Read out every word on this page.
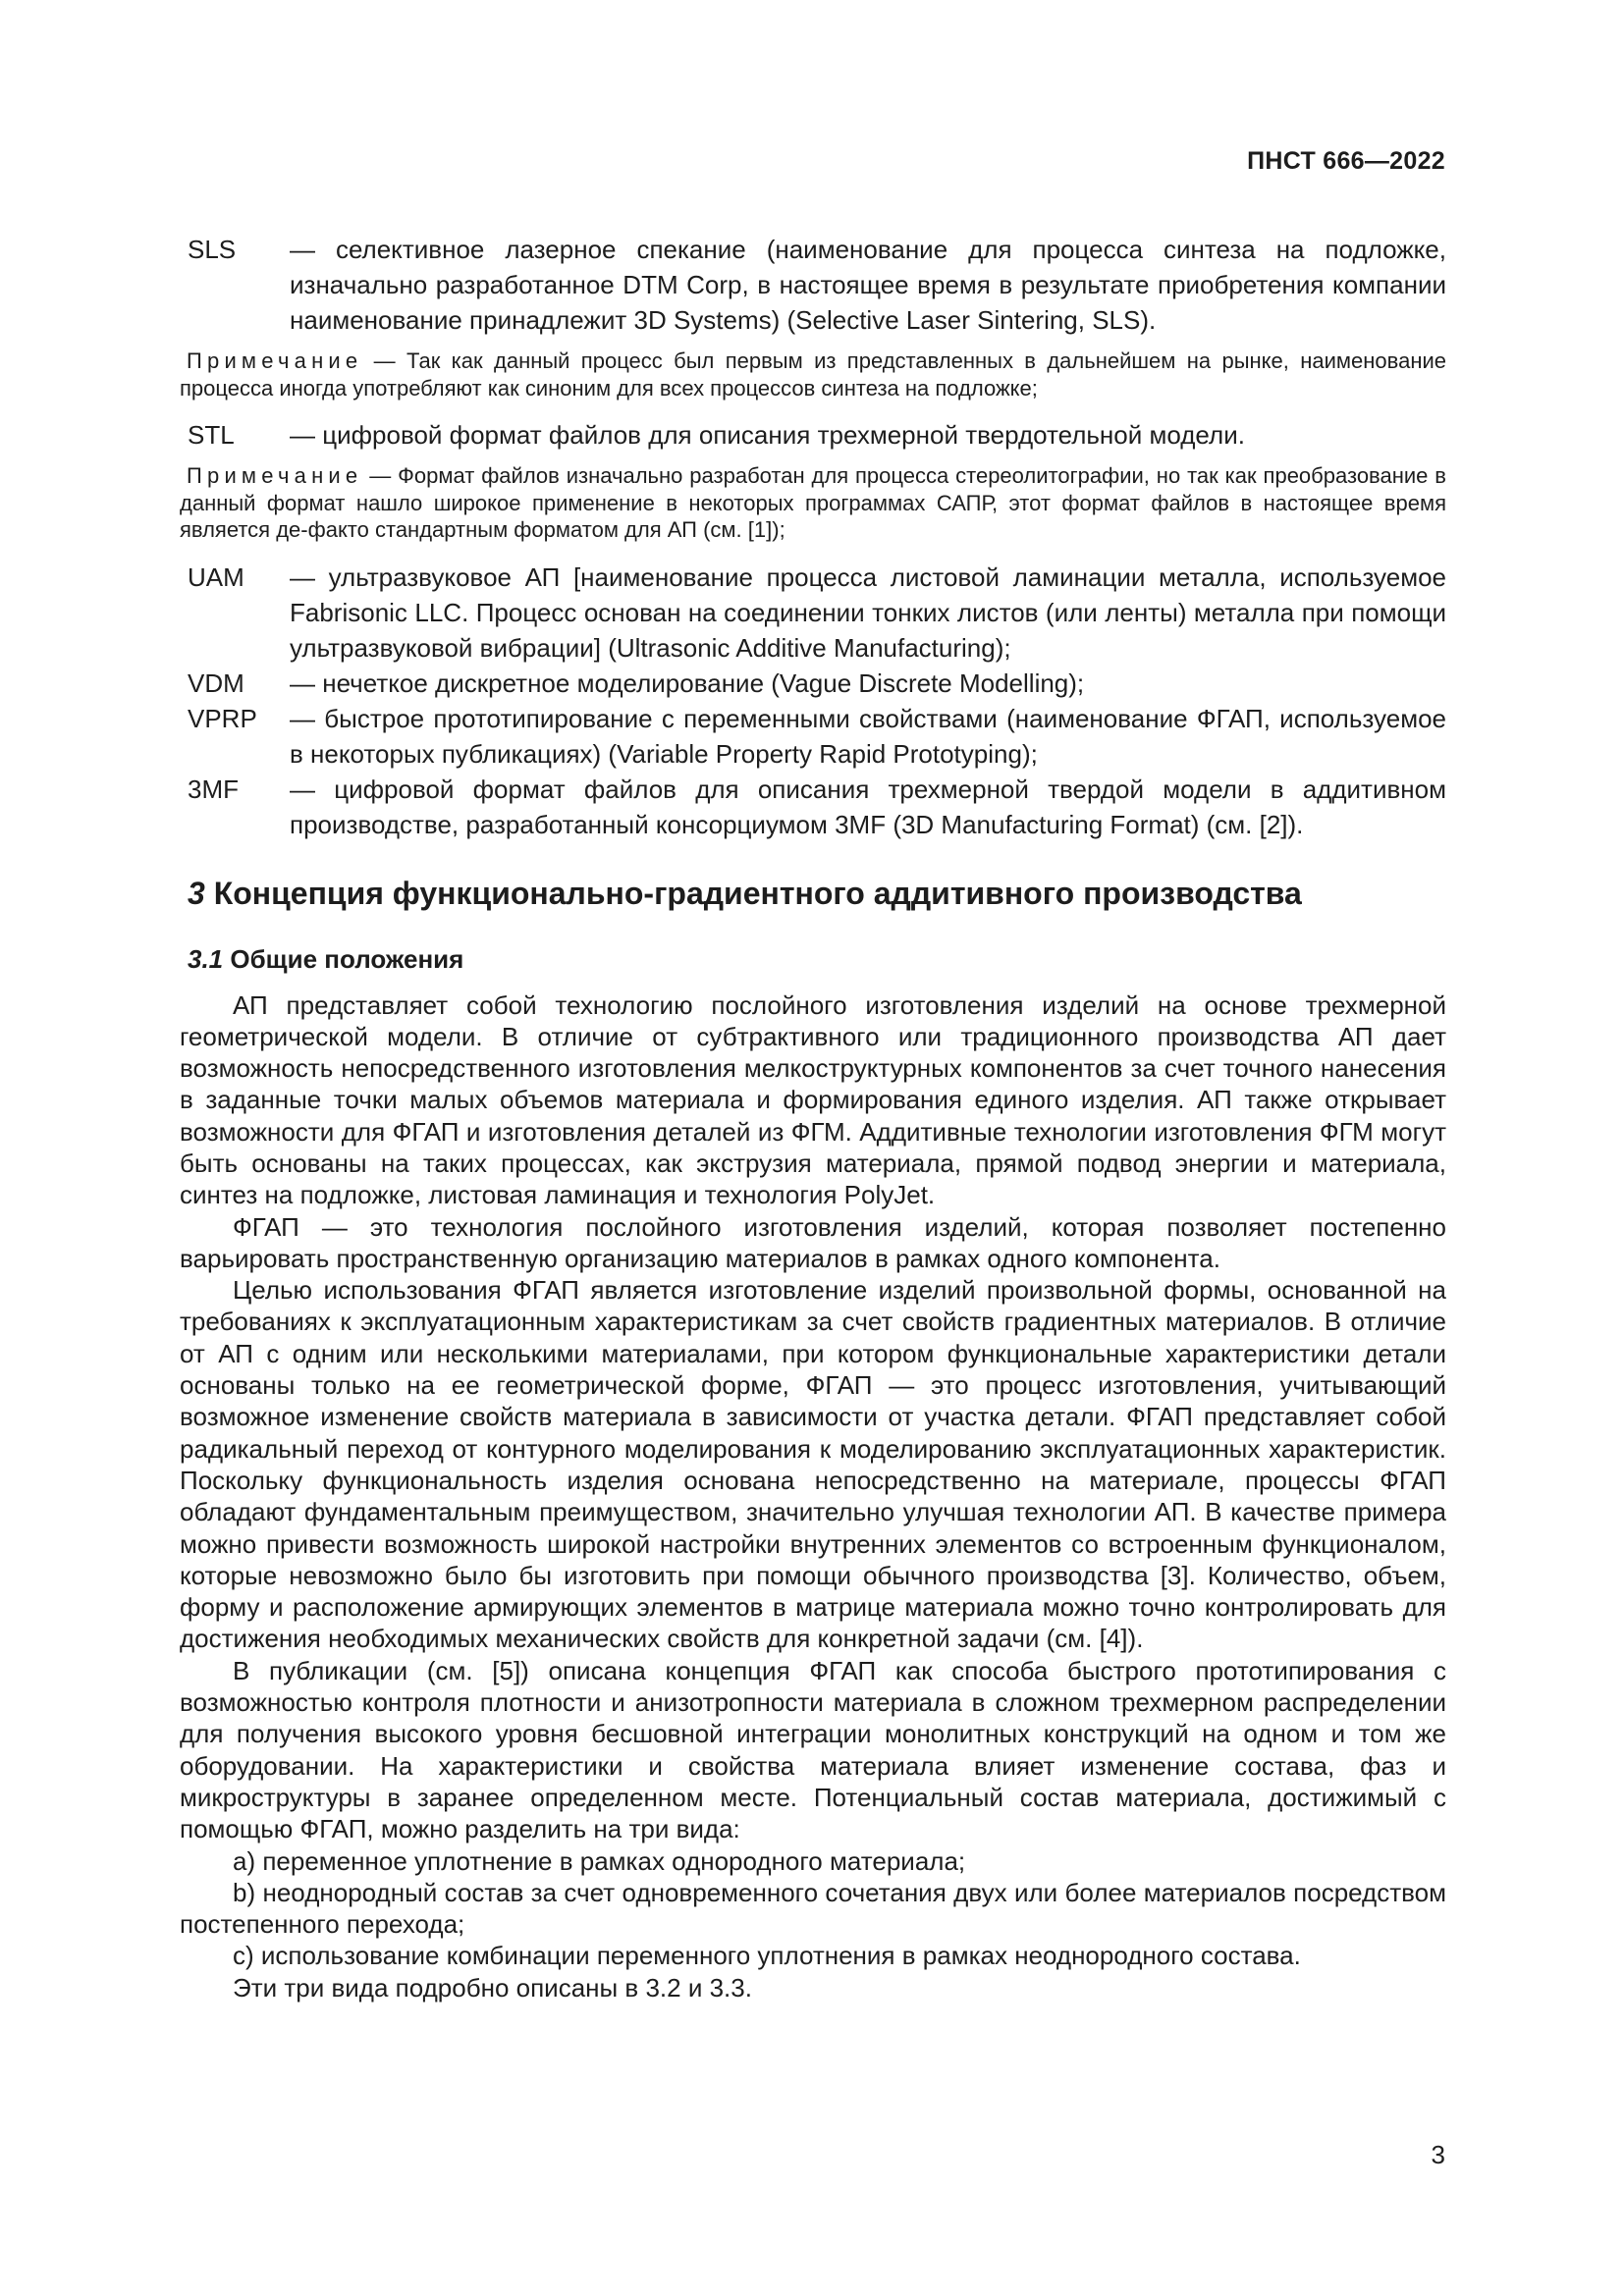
ПНСТ 666—2022
SLS	— селективное лазерное спекание (наименование для процесса синтеза на подложке, изначально разработанное DTM Corp, в настоящее время в результате приобретения компании наименование принадлежит 3D Systems) (Selective Laser Sintering, SLS).
Примечание — Так как данный процесс был первым из представленных в дальнейшем на рынке, наименование процесса иногда употребляют как синоним для всех процессов синтеза на подложке;
STL	— цифровой формат файлов для описания трехмерной твердотельной модели.
Примечание — Формат файлов изначально разработан для процесса стереолитографии, но так как преобразование в данный формат нашло широкое применение в некоторых программах САПР, этот формат файлов в настоящее время является де-факто стандартным форматом для АП (см. [1]);
UAM	— ультразвуковое АП [наименование процесса листовой ламинации металла, используемое Fabrisonic LLC. Процесс основан на соединении тонких листов (или ленты) металла при помощи ультразвуковой вибрации] (Ultrasonic Additive Manufacturing);
VDM	— нечеткое дискретное моделирование (Vague Discrete Modelling);
VPRP	— быстрое прототипирование с переменными свойствами (наименование ФГАП, используемое в некоторых публикациях) (Variable Property Rapid Prototyping);
3MF	— цифровой формат файлов для описания трехмерной твердой модели в аддитивном производстве, разработанный консорциумом 3MF (3D Manufacturing Format) (см. [2]).
3 Концепция функционально-градиентного аддитивного производства
3.1 Общие положения

АП представляет собой технологию послойного изготовления изделий на основе трехмерной геометрической модели. В отличие от субтрактивного или традиционного производства АП дает возможность непосредственного изготовления мелкоструктурных компонентов за счет точного нанесения в заданные точки малых объемов материала и формирования единого изделия. АП также открывает возможности для ФГАП и изготовления деталей из ФГМ. Аддитивные технологии изготовления ФГМ могут быть основаны на таких процессах, как экструзия материала, прямой подвод энергии и материала, синтез на подложке, листовая ламинация и технология PolyJet.

ФГАП — это технология послойного изготовления изделий, которая позволяет постепенно варьировать пространственную организацию материалов в рамках одного компонента.

Целью использования ФГАП является изготовление изделий произвольной формы, основанной на требованиях к эксплуатационным характеристикам за счет свойств градиентных материалов. В отличие от АП с одним или несколькими материалами, при котором функциональные характеристики детали основаны только на ее геометрической форме, ФГАП — это процесс изготовления, учитывающий возможное изменение свойств материала в зависимости от участка детали. ФГАП представляет собой радикальный переход от контурного моделирования к моделированию эксплуатационных характеристик. Поскольку функциональность изделия основана непосредственно на материале, процессы ФГАП обладают фундаментальным преимуществом, значительно улучшая технологии АП. В качестве примера можно привести возможность широкой настройки внутренних элементов со встроенным функционалом, которые невозможно было бы изготовить при помощи обычного производства [3]. Количество, объем, форму и расположение армирующих элементов в матрице материала можно точно контролировать для достижения необходимых механических свойств для конкретной задачи (см. [4]).

В публикации (см. [5]) описана концепция ФГАП как способа быстрого прототипирования с возможностью контроля плотности и анизотропности материала в сложном трехмерном распределении для получения высокого уровня бесшовной интеграции монолитных конструкций на одном и том же оборудовании. На характеристики и свойства материала влияет изменение состава, фаз и микроструктуры в заранее определенном месте. Потенциальный состав материала, достижимый с помощью ФГАП, можно разделить на три вида:

a) переменное уплотнение в рамках однородного материала;
b) неоднородный состав за счет одновременного сочетания двух или более материалов посредством постепенного перехода;
c) использование комбинации переменного уплотнения в рамках неоднородного состава.

Эти три вида подробно описаны в 3.2 и 3.3.

3
